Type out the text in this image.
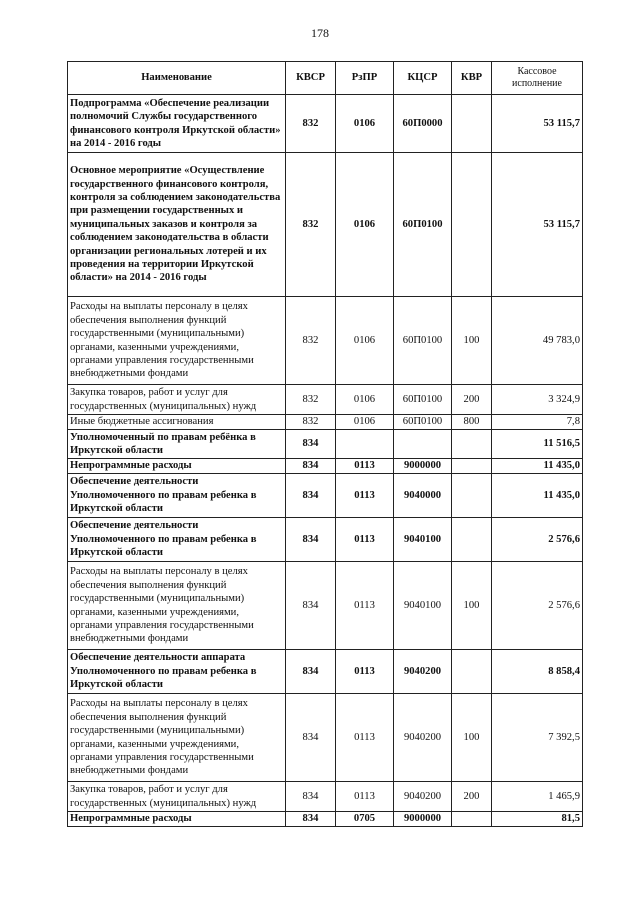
178
Наименование	КВСР	РзПР	КЦСР	КВР	Кассовое исполнение
Подпрограмма «Обеспечение реализации полномочий Службы государственного финансового контроля Иркутской области» на 2014 - 2016 годы	832	0106	60П0000		53 115,7
Основное мероприятие «Осуществление государственного финансового контроля, контроля за соблюдением законодательства при размещении государственных и муниципальных заказов и контроля за соблюдением законодательства в области организации региональных лотерей и их проведения на территории Иркутской области» на 2014 - 2016 годы	832	0106	60П0100		53 115,7
Расходы на выплаты персоналу в целях обеспечения выполнения функций государственными (муниципальными) органами, казенными учреждениями, органами управления государственными внебюджетными фондами	832	0106	60П0100	100	49 783,0
Закупка товаров, работ и услуг для государственных (муниципальных) нужд	832	0106	60П0100	200	3 324,9
Иные бюджетные ассигнования	832	0106	60П0100	800	7,8
Уполномоченный по правам ребёнка в Иркутской области	834				11 516,5
Непрограммные расходы	834	0113	9000000		11 435,0
Обеспечение деятельности Уполномоченного по правам ребенка в Иркутской области	834	0113	9040000		11 435,0
Обеспечение деятельности Уполномоченного по правам ребенка в Иркутской области	834	0113	9040100		2 576,6
Расходы на выплаты персоналу в целях обеспечения выполнения функций государственными (муниципальными) органами, казенными учреждениями, органами управления государственными внебюджетными фондами	834	0113	9040100	100	2 576,6
Обеспечение деятельности аппарата Уполномоченного по правам ребенка в Иркутской области	834	0113	9040200		8 858,4
Расходы на выплаты персоналу в целях обеспечения выполнения функций государственными (муниципальными) органами, казенными учреждениями, органами управления государственными внебюджетными фондами	834	0113	9040200	100	7 392,5
Закупка товаров, работ и услуг для государственных (муниципальных) нужд	834	0113	9040200	200	1 465,9
Непрограммные расходы	834	0705	9000000		81,5
